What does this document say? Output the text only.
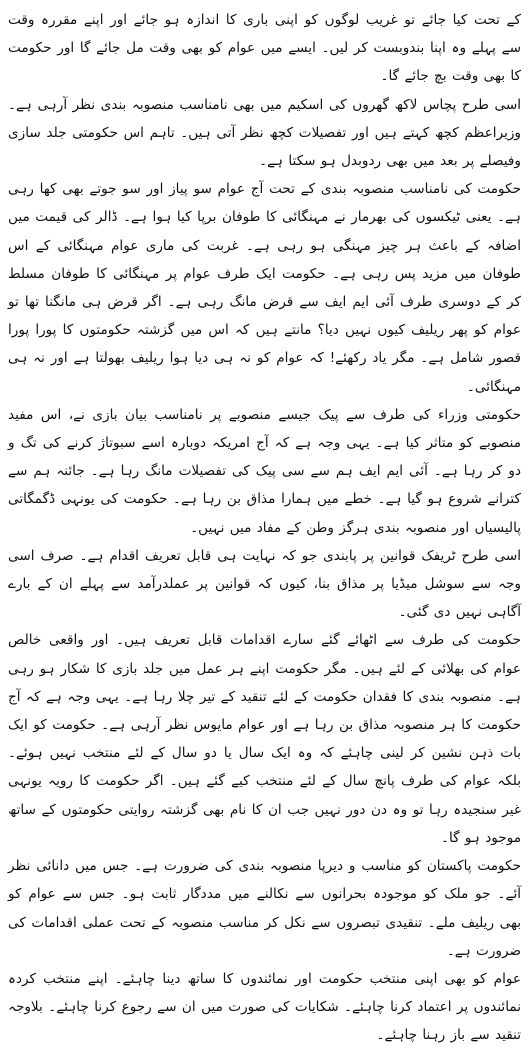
کے تحت کیا جائے تو غریب لوگوں کو اپنی باری کا اندازہ ہو جائے اور اپنے مقررہ وقت سے پہلے وہ اپنا بندوبست کر لیں۔ ایسے میں عوام کو بھی وقت مل جائے گا اور حکومت کا بھی وقت بچ جائے گا۔

اسی طرح پچاس لاکھ گھروں کی اسکیم میں بھی نامناسب منصوبہ بندی نظر آرہی ہے۔ وزیراعظم کچھ کہتے ہیں اور تفصیلات کچھ نظر آتی ہیں۔ تاہم اس حکومتی جلد سازی وفیصلے پر بعد میں بھی ردوبدل ہو سکتا ہے۔

حکومت کی نامناسب منصوبہ بندی کے تحت آج عوام سو پیاز اور سو جوتے بھی کھا رہی ہے۔ یعنی ٹیکسوں کی بھرمار نے مہنگائی کا طوفان برپا کیا ہوا ہے۔ ڈالر کی قیمت میں اضافہ کے باعث ہر چیز مہنگی ہو رہی ہے۔ غربت کی ماری عوام مہنگائی کے اس طوفان میں مزید پس رہی ہے۔ حکومت ایک طرف عوام پر مہنگائی کا طوفان مسلط کر کے دوسری طرف آئی ایم ایف سے قرض مانگ رہی ہے۔ اگر قرض ہی مانگنا تھا تو عوام کو پھر ریلیف کیوں نہیں دیا؟ مانتے ہیں کہ اس میں گزشتہ حکومتوں کا پورا پورا قصور شامل ہے۔ مگر یاد رکھئے! کہ عوام کو نہ ہی دیا ہوا ریلیف بھولتا ہے اور نہ ہی مہنگائی۔

حکومتی وزراء کی طرف سے پیک جیسے منصوبے پر نامناسب بیان بازی نے، اس مفید منصوبے کو متاثر کیا ہے۔ یہی وجہ ہے کہ آج امریکہ دوبارہ اسے سبوتاژ کرنے کی تگ و دو کر رہا ہے۔ آئی ایم ایف ہم سے سی پیک کی تفصیلات مانگ رہا ہے۔ جائنہ ہم سے کترانے شروع ہو گیا ہے۔ خطے میں ہمارا مذاق بن رہا ہے۔ حکومت کی یونہی ڈگمگاتی پالیسیاں اور منصوبہ بندی ہرگز وطن کے مفاد میں نہیں۔

اسی طرح ٹریفک قوانین پر پابندی جو کہ نہایت ہی قابل تعریف اقدام ہے۔ صرف اسی وجہ سے سوشل میڈیا پر مذاق بنا، کیوں کہ قوانین پر عملدرآمد سے پہلے ان کے بارے آگاہی نہیں دی گئی۔

حکومت کی طرف سے اٹھائے گئے سارے اقدامات قابل تعریف ہیں۔ اور واقعی خالص عوام کی بھلائی کے لئے ہیں۔ مگر حکومت اپنے ہر عمل میں جلد بازی کا شکار ہو رہی ہے۔ منصوبہ بندی کا فقدان حکومت کے لئے تنقید کے تیر چلا رہا ہے۔ یہی وجہ ہے کہ آج حکومت کا ہر منصوبہ مذاق بن رہا ہے اور عوام مایوس نظر آرہی ہے۔ حکومت کو ایک بات ذہن نشین کر لینی چاہئے کہ وہ ایک سال یا دو سال کے لئے منتخب نہیں ہوئے۔ بلکہ عوام کی طرف پانچ سال کے لئے منتخب کیے گئے ہیں۔ اگر حکومت کا رویہ یونہی غیر سنجیدہ رہا تو وہ دن دور نہیں جب ان کا نام بھی گزشتہ روایتی حکومتوں کے ساتھ موجود ہو گا۔

حکومت پاکستان کو مناسب و دیرپا منصوبہ بندی کی ضرورت ہے۔ جس میں دانائی نظر آئے۔ جو ملک کو موجودہ بحرانوں سے نکالنے میں مددگار ثابت ہو۔ جس سے عوام کو بھی ریلیف ملے۔ تنقیدی تبصروں سے نکل کر مناسب منصوبہ کے تحت عملی اقدامات کی ضرورت ہے۔

عوام کو بھی اپنی منتخب حکومت اور نمائندوں کا ساتھ دینا چاہئے۔ اپنے منتخب کردہ نمائندوں پر اعتماد کرنا چاہئے۔ شکایات کی صورت میں ان سے رجوع کرنا چاہئے۔ بلاوجہ تنقید سے باز رہنا چاہئے۔
